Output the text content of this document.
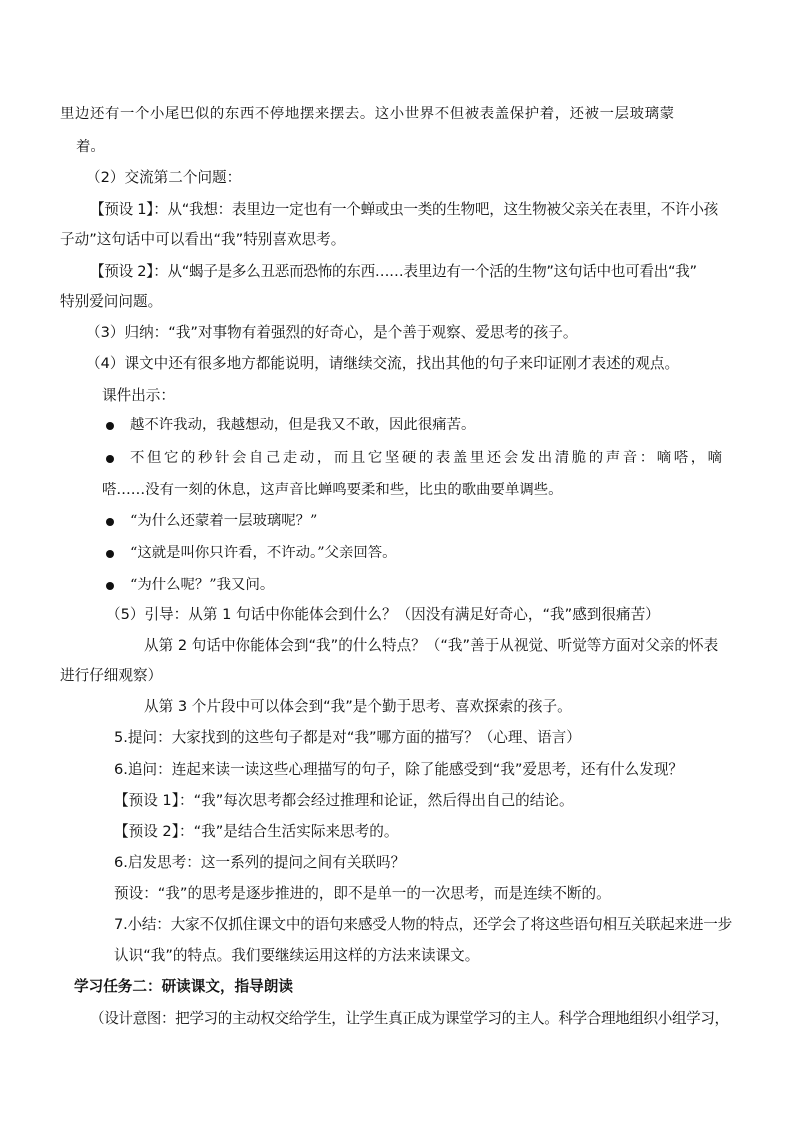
里边还有一个小尾巴似的东西不停地摆来摆去。这小世界不但被表盖保护着，还被一层玻璃蒙
着。
（2）交流第二个问题：
【预设 1】：从“我想：表里边一定也有一个蝉或虫一类的生物吧，这生物被父亲关在表里，不许小孩
子动”这句话中可以看出“我”特别喜欢思考。
【预设 2】：从“蝎子是多么丑恶而恐怖的东西……表里边有一个活的生物”这句话中也可看出“我”
特别爱问问题。
（3）归纳：“我”对事物有着强烈的好奇心，是个善于观察、爱思考的孩子。
（4）课文中还有很多地方都能说明，请继续交流，找出其他的句子来印证刚才表述的观点。
课件出示：
越不许我动，我越想动，但是我又不敢，因此很痛苦。
不但它的秒针会自己走动，而且它坚硬的表盖里还会发出清脆的声音：嘀嗒，嘀
嗒……没有一刻的休息，这声音比蝉鸣要柔和些，比虫的歌曲要单调些。
“为什么还蒙着一层玻璃呢？”
“这就是叫你只许看，不许动。”父亲回答。
“为什么呢？”我又问。
（5）引导：从第 1 句话中你能体会到什么？（因没有满足好奇心，“我”感到很痛苦）
从第 2 句话中你能体会到“我”的什么特点？（“我”善于从视觉、听觉等方面对父亲的怀表
进行仔细观察）
从第 3 个片段中可以体会到“我”是个勤于思考、喜欢探索的孩子。
5.提问：大家找到的这些句子都是对“我”哪方面的描写？（心理、语言）
6.追问：连起来读一读这些心理描写的句子，除了能感受到“我”爱思考，还有什么发现？
【预设 1】：“我”每次思考都会经过推理和论证，然后得出自己的结论。
【预设 2】：“我”是结合生活实际来思考的。
6.启发思考：这一系列的提问之间有关联吗？
预设：“我”的思考是逐步推进的，即不是单一的一次思考，而是连续不断的。
7.小结：大家不仅抓住课文中的语句来感受人物的特点，还学会了将这些语句相互关联起来进一步
认识“我”的特点。我们要继续运用这样的方法来读课文。
学习任务二：研读课文，指导朗读
（设计意图：把学习的主动权交给学生，让学生真正成为课堂学习的主人。科学合理地组织小组学习，
